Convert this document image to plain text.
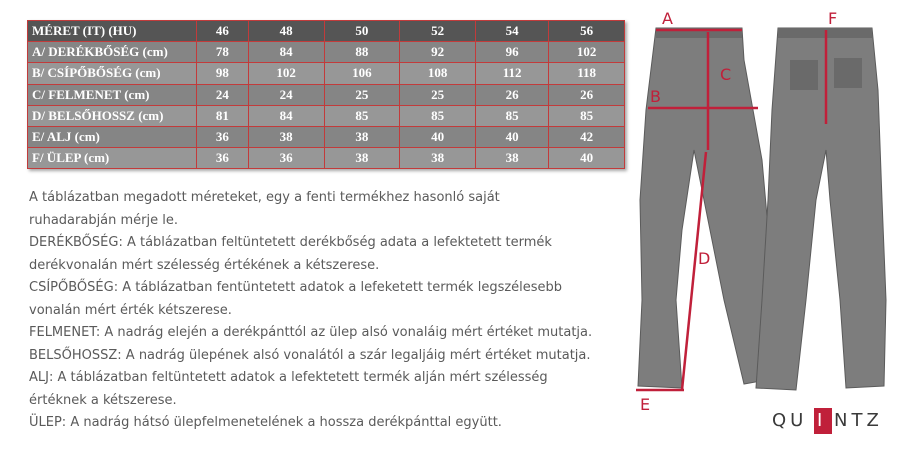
MÉRET (IT) (HU)	46	48	50	52	54	56
A/ DERÉKBŐSÉG (cm)	78	84	88	92	96	102
B/ CSÍPŐBŐSÉG (cm)	98	102	106	108	112	118
C/ FELMENET (cm)	24	24	25	25	26	26
D/ BELSŐHOSSZ (cm)	81	84	85	85	85	85
E/ ALJ (cm)	36	38	38	40	40	42
F/ ÜLEP (cm)	36	36	38	38	38	40

A táblázatban megadott méreteket, egy a fenti termékhez hasonló saját

ruhadarabján mérje le.

DERÉKBŐSÉG: A táblázatban feltüntetett derékbőség adata a lefektetett termék

derékvonalán mért szélesség értékének a kétszerese.

CSÍPŐBŐSÉG: A táblázatban fentüntetett adatok a lefeketett termék legszélesebb

vonalán mért érték kétszerese.

FELMENET: A nadrág elején a derékpánttól az ülep alsó vonaláig mért értéket mutatja.

BELSŐHOSSZ: A nadrág ülepének alsó vonalától a szár legaljáig mért értéket mutatja.

ALJ: A táblázatban feltüntetett adatok a lefektetett termék alján mért szélesség

értéknek a kétszerese.

ÜLEP: A nadrág hátsó ülepfelmenetelének a hossza derékpánttal együtt.

A
B
C
D
E
F
QU I NTZ
